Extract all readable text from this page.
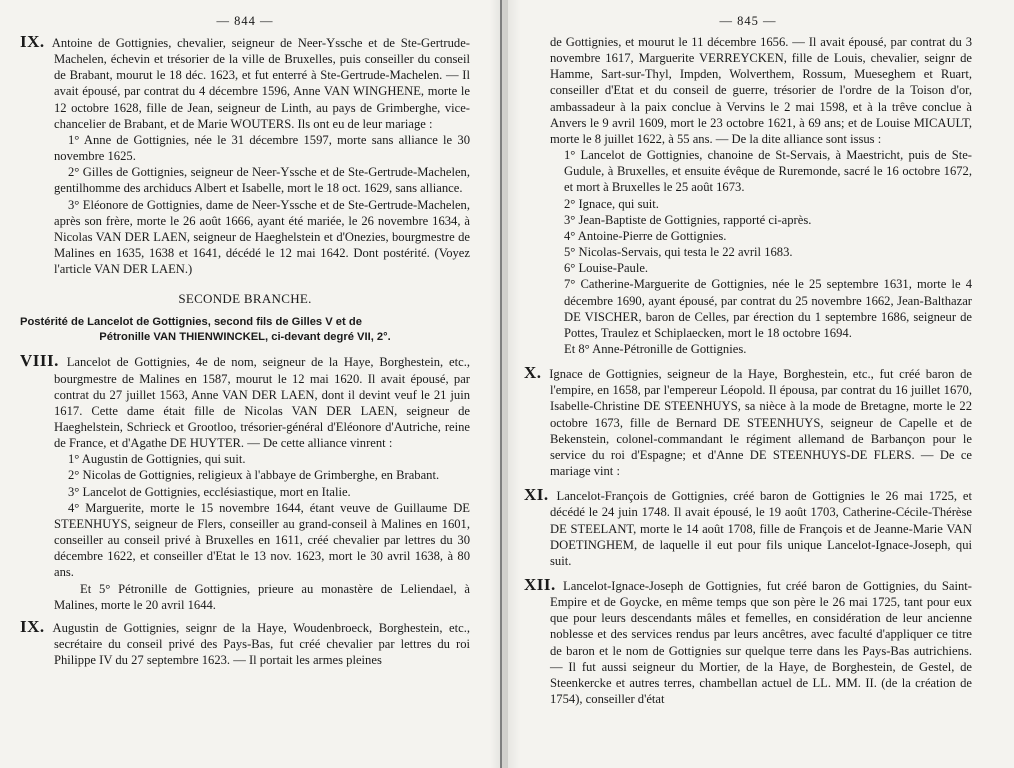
— 844 —
IX. Antoine de Gottignies, chevalier, seigneur de Neer-Yssche et de Ste-Gertrude-Machelen, échevin et trésorier de la ville de Bruxelles, puis conseiller du conseil de Brabant, mourut le 18 déc. 1623, et fut enterré à Ste-Gertrude-Machelen. — Il avait épousé, par contrat du 4 décembre 1596, Anne VAN WINGHENE, morte le 12 octobre 1628, fille de Jean, seigneur de Linth, au pays de Grimberghe, vice-chancelier de Brabant, et de Marie WOUTERS. Ils ont eu de leur mariage :

1° Anne de Gottignies, née le 31 décembre 1597, morte sans alliance le 30 novembre 1625.

2° Gilles de Gottignies, seigneur de Neer-Yssche et de Ste-Gertrude-Machelen, gentilhomme des archiducs Albert et Isabelle, mort le 18 oct. 1629, sans alliance.

3° Eléonore de Gottignies, dame de Neer-Yssche et de Ste-Gertrude-Machelen, après son frère, morte le 26 août 1666, ayant été mariée, le 26 novembre 1634, à Nicolas VAN DER LAEN, seigneur de Haeghelstein et d'Onezies, bourgmestre de Malines en 1635, 1638 et 1641, décédé le 12 mai 1642. Dont postérité. (Voyez l'article VAN DER LAEN.)

SECONDE BRANCHE.
Postérité de Lancelot de Gottignies, second fils de Gilles V et de
Pétronille VAN THIENWINCKEL, ci-devant degré VII, 2°.
VIII. Lancelot de Gottignies, 4e de nom, seigneur de la Haye, Borghestein, etc., bourgmestre de Malines en 1587, mourut le 12 mai 1620. Il avait épousé, par contrat du 27 juillet 1563, Anne VAN DER LAEN, dont il devint veuf le 21 juin 1617. Cette dame était fille de Nicolas VAN DER LAEN, seigneur de Haeghelstein, Schrieck et Grootloo, trésorier-général d'Eléonore d'Autriche, reine de France, et d'Agathe DE HUYTER. — De cette alliance vinrent :

1° Augustin de Gottignies, qui suit.

2° Nicolas de Gottignies, religieux à l'abbaye de Grimberghe, en Brabant.

3° Lancelot de Gottignies, ecclésiastique, mort en Italie.

4° Marguerite, morte le 15 novembre 1644, étant veuve de Guillaume DE STEENHUYS, seigneur de Flers, conseiller au grand-conseil à Malines en 1601, conseiller au conseil privé à Bruxelles en 1611, créé chevalier par lettres du 30 décembre 1622, et conseiller d'Etat le 13 nov. 1623, mort le 30 avril 1638, à 80 ans.

Et 5° Pétronille de Gottignies, prieure au monastère de Leliendael, à Malines, morte le 20 avril 1644.

IX. Augustin de Gottignies, seignr de la Haye, Woudenbroeck, Borghestein, etc., secrétaire du conseil privé des Pays-Bas, fut créé chevalier par lettres du roi Philippe IV du 27 septembre 1623. — Il portait les armes pleines
— 845 —
de Gottignies, et mourut le 11 décembre 1656. — Il avait épousé, par contrat du 3 novembre 1617, Marguerite VERREYCKEN, fille de Louis, chevalier, seignr de Hamme, Sart-sur-Thyl, Impden, Wolverthem, Rossum, Mueseghem et Ruart, conseiller d'Etat et du conseil de guerre, trésorier de l'ordre de la Toison d'or, ambassadeur à la paix conclue à Vervins le 2 mai 1598, et à la trêve conclue à Anvers le 9 avril 1609, mort le 23 octobre 1621, à 69 ans; et de Louise MICAULT, morte le 8 juillet 1622, à 55 ans. — De la dite alliance sont issus :

1° Lancelot de Gottignies, chanoine de St-Servais, à Maestricht, puis de Ste-Gudule, à Bruxelles, et ensuite évêque de Ruremonde, sacré le 16 octobre 1672, et mort à Bruxelles le 25 août 1673.

2° Ignace, qui suit.

3° Jean-Baptiste de Gottignies, rapporté ci-après.

4° Antoine-Pierre de Gottignies.

5° Nicolas-Servais, qui testa le 22 avril 1683.

6° Louise-Paule.

7° Catherine-Marguerite de Gottignies, née le 25 septembre 1631, morte le 4 décembre 1690, ayant épousé, par contrat du 25 novembre 1662, Jean-Balthazar DE VISCHER, baron de Celles, par érection du 1 septembre 1686, seigneur de Pottes, Traulez et Schiplaecken, mort le 18 octobre 1694.

Et 8° Anne-Pétronille de Gottignies.

X. Ignace de Gottignies, seigneur de la Haye, Borghestein, etc., fut créé baron de l'empire, en 1658, par l'empereur Léopold. Il épousa, par contrat du 16 juillet 1670, Isabelle-Christine DE STEENHUYS, sa nièce à la mode de Bretagne, morte le 22 octobre 1673, fille de Bernard DE STEENHUYS, seigneur de Capelle et de Bekenstein, colonel-commandant le régiment allemand de Barbançon pour le service du roi d'Espagne; et d'Anne DE STEENHUYS-DE FLERS. — De ce mariage vint :
XI. Lancelot-François de Gottignies, créé baron de Gottignies le 26 mai 1725, et décédé le 24 juin 1748. Il avait épousé, le 19 août 1703, Catherine-Cécile-Thérèse DE STEELANT, morte le 14 août 1708, fille de François et de Jeanne-Marie VAN DOETINGHEM, de laquelle il eut pour fils unique Lancelot-Ignace-Joseph, qui suit.
XII. Lancelot-Ignace-Joseph de Gottignies, fut créé baron de Gottignies, du Saint-Empire et de Goycke, en même temps que son père le 26 mai 1725, tant pour eux que pour leurs descendants mâles et femelles, en considération de leur ancienne noblesse et des services rendus par leurs ancêtres, avec faculté d'appliquer ce titre de baron et le nom de Gottignies sur quelque terre dans les Pays-Bas autrichiens. — Il fut aussi seigneur du Mortier, de la Haye, de Borghestein, de Gestel, de Steenkercke et autres terres, chambellan actuel de LL. MM. II. (de la création de 1754), conseiller d'état
